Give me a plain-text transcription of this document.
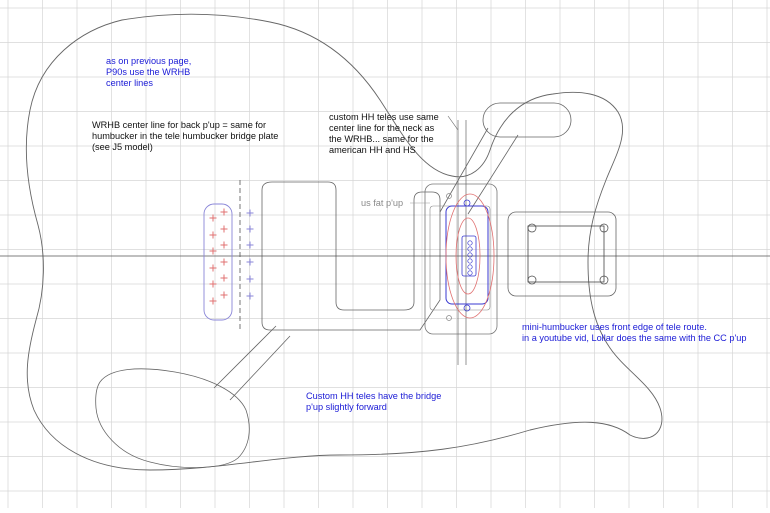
as on previous page,
P90s use the WRHB
center lines

WRHB center line for back p'up = same for
humbucker in the tele humbucker bridge plate
(see J5 model)

custom HH teles use same
center line for the neck as
the WRHB... same for the
american HH and HS

us fat p'up

mini-humbucker uses front edge of tele route.
in a youtube vid, Lollar does the same with the CC p'up

Custom HH teles have the bridge
p'up slightly forward
